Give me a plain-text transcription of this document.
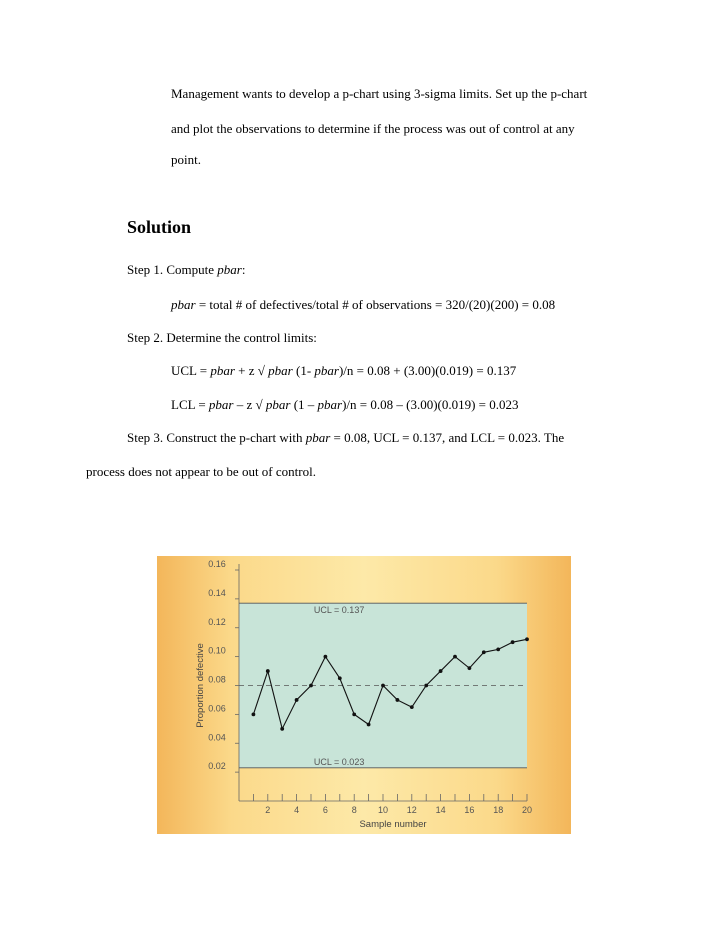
Management wants to develop a p-chart using 3-sigma limits. Set up the p-chart
and plot the observations to determine if the process was out of control at any
point.
Solution
Step 1. Compute pbar:
pbar = total # of defectives/total # of observations = 320/(20)(200) = 0.08
Step 2. Determine the control limits:
UCL = pbar + z √ pbar (1- pbar)/n = 0.08 + (3.00)(0.019) = 0.137
LCL = pbar – z √ pbar (1 – pbar)/n = 0.08 – (3.00)(0.019) = 0.023
Step 3. Construct the p-chart with pbar = 0.08, UCL = 0.137, and LCL = 0.023. The
process does not appear to be out of control.
0.02
0.04
0.06
0.08
0.10
0.12
0.14
0.16
2	4	6	8 10 12 14 16 18 20
UCL = 0.137
UCL = 0.023
Sample number
Proportion defective
